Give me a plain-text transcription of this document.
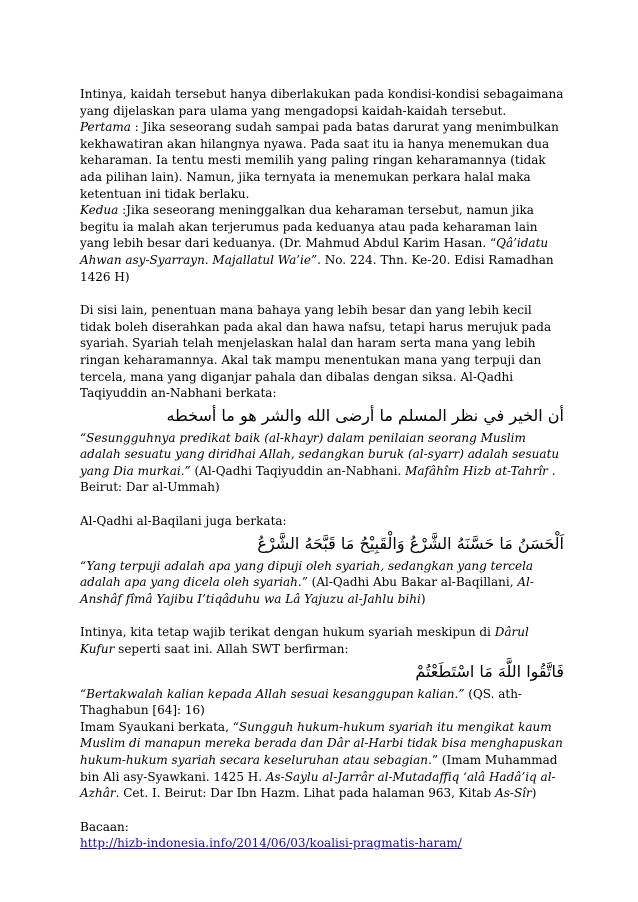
Intinya, kaidah tersebut hanya diberlakukan pada kondisi-kondisi sebagaimana yang dijelaskan para ulama yang mengadopsi kaidah-kaidah tersebut.

Pertama : Jika seseorang sudah sampai pada batas darurat yang menimbulkan kekhawatiran akan hilangnya nyawa. Pada saat itu ia hanya menemukan dua keharaman. Ia tentu mesti memilih yang paling ringan keharamannya (tidak ada pilihan lain). Namun, jika ternyata ia menemukan perkara halal maka ketentuan ini tidak berlaku.

Kedua :Jika seseorang meninggalkan dua keharaman tersebut, namun jika begitu ia malah akan terjerumus pada keduanya atau pada keharaman lain yang lebih besar dari keduanya. (Dr. Mahmud Abdul Karim Hasan. “Qâ’idatu Ahwan asy-Syarrayn. Majallatul Wa’ie”. No. 224. Thn. Ke-20. Edisi Ramadhan 1426 H)

Di sisi lain, penentuan mana bahaya yang lebih besar dan yang lebih kecil tidak boleh diserahkan pada akal dan hawa nafsu, tetapi harus merujuk pada syariah. Syariah telah menjelaskan halal dan haram serta mana yang lebih ringan keharamannya. Akal tak mampu menentukan mana yang terpuji dan tercela, mana yang diganjar pahala dan dibalas dengan siksa. Al-Qadhi Taqiyuddin an-Nabhani berkata:

أن الخير في نظر المسلم ما أرضى الله والشر هو ما أسخطه

“Sesungguhnya predikat baik (al-khayr) dalam penilaian seorang Muslim adalah sesuatu yang diridhai Allah, sedangkan buruk (al-syarr) adalah sesuatu yang Dia murkai.” (Al-Qadhi Taqiyuddin an-Nabhani. Mafâhîm Hizb at-Tahrîr . Beirut: Dar al-Ummah)

Al-Qadhi al-Baqilani juga berkata:

اَلْحَسَنُ مَا حَسَّنَهُ الشَّرْعُ وَالْقَبِيْحُ مَا قَبَّحَهُ الشَّرْعُ

“Yang terpuji adalah apa yang dipuji oleh syariah, sedangkan yang tercela adalah apa yang dicela oleh syariah.” (Al-Qadhi Abu Bakar al-Baqillani, Al-Anshâf fîmâ Yajibu I’tiqâduhu wa Lâ Yajuzu al-Jahlu bihi)

Intinya, kita tetap wajib terikat dengan hukum syariah meskipun di Dârul Kufur seperti saat ini. Allah SWT berfirman:

فَاتَّقُوا اللَّهَ مَا اسْتَطَعْتُمْ

“Bertakwalah kalian kepada Allah sesuai kesanggupan kalian.” (QS. ath-Thaghabun [64]: 16)

Imam Syaukani berkata, “Sungguh hukum-hukum syariah itu mengikat kaum Muslim di manapun mereka berada dan Dâr al-Harbi tidak bisa menghapuskan hukum-hukum syariah secara keseluruhan atau sebagian.” (Imam Muhammad bin Ali asy-Syawkani. 1425 H. As-Saylu al-Jarrâr al-Mutadaffiq ‘alâ Hadâ’iq al-Azhâr. Cet. I. Beirut: Dar Ibn Hazm. Lihat pada halaman 963, Kitab As-Sîr)

Bacaan:

http://hizb-indonesia.info/2014/06/03/koalisi-pragmatis-haram/
